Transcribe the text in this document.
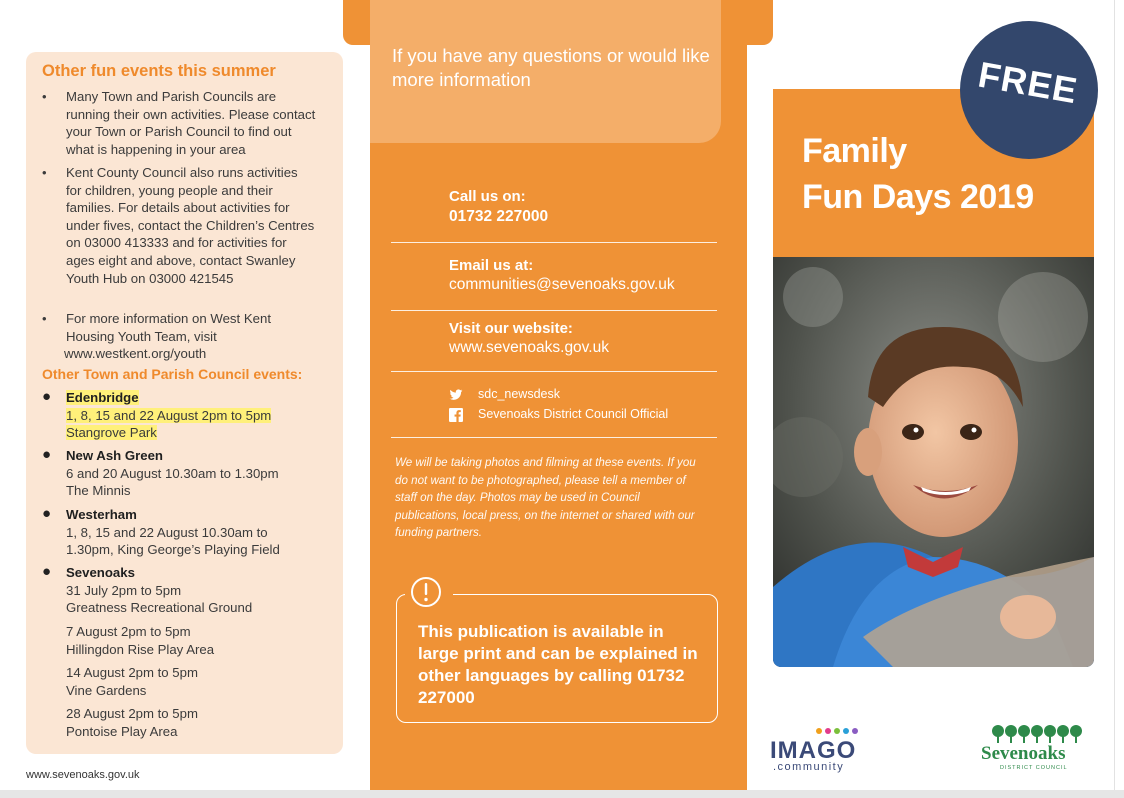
Other fun events this summer

• Many Town and Parish Councils are running their own activities. Please contact your Town or Parish Council to find out what is happening in your area

• Kent County Council also runs activities for children, young people and their families. For details about activities for under fives, contact the Children’s Centres on 03000 413333 and for activities for ages eight and above, contact Swanley Youth Hub on 03000 421545

• For more information on West Kent Housing Youth Team, visit
www.westkent.org/youth

Other Town and Parish Council events:
● Edenbridge
1, 8, 15 and 22 August 2pm to 5pm
Stangrove Park
● New Ash Green
6 and 20 August 10.30am to 1.30pm
The Minnis
● Westerham
1, 8, 15 and 22 August 10.30am to
1.30pm, King George’s Playing Field
● Sevenoaks
31 July 2pm to 5pm
Greatness Recreational Ground
7 August 2pm to 5pm
Hillingdon Rise Play Area
14 August 2pm to 5pm
Vine Gardens
28 August 2pm to 5pm
Pontoise Play Area
www.sevenoaks.gov.uk

If you have any questions or would like more information

Call us on:
01732 227000
Email us at:
communities@sevenoaks.gov.uk
Visit our website:
www.sevenoaks.gov.uk
sdc_newsdesk
Sevenoaks District Council Official

We will be taking photos and filming at these events. If you do not want to be photographed, please tell a member of staff on the day. Photos may be used in Council publications, local press, on the internet or shared with our funding partners.

This publication is available in large print and can be explained in other languages by calling 01732 227000

Family
Fun Days 2019
FREE
IMAGO
.community
Sevenoaks
DISTRICT COUNCIL
